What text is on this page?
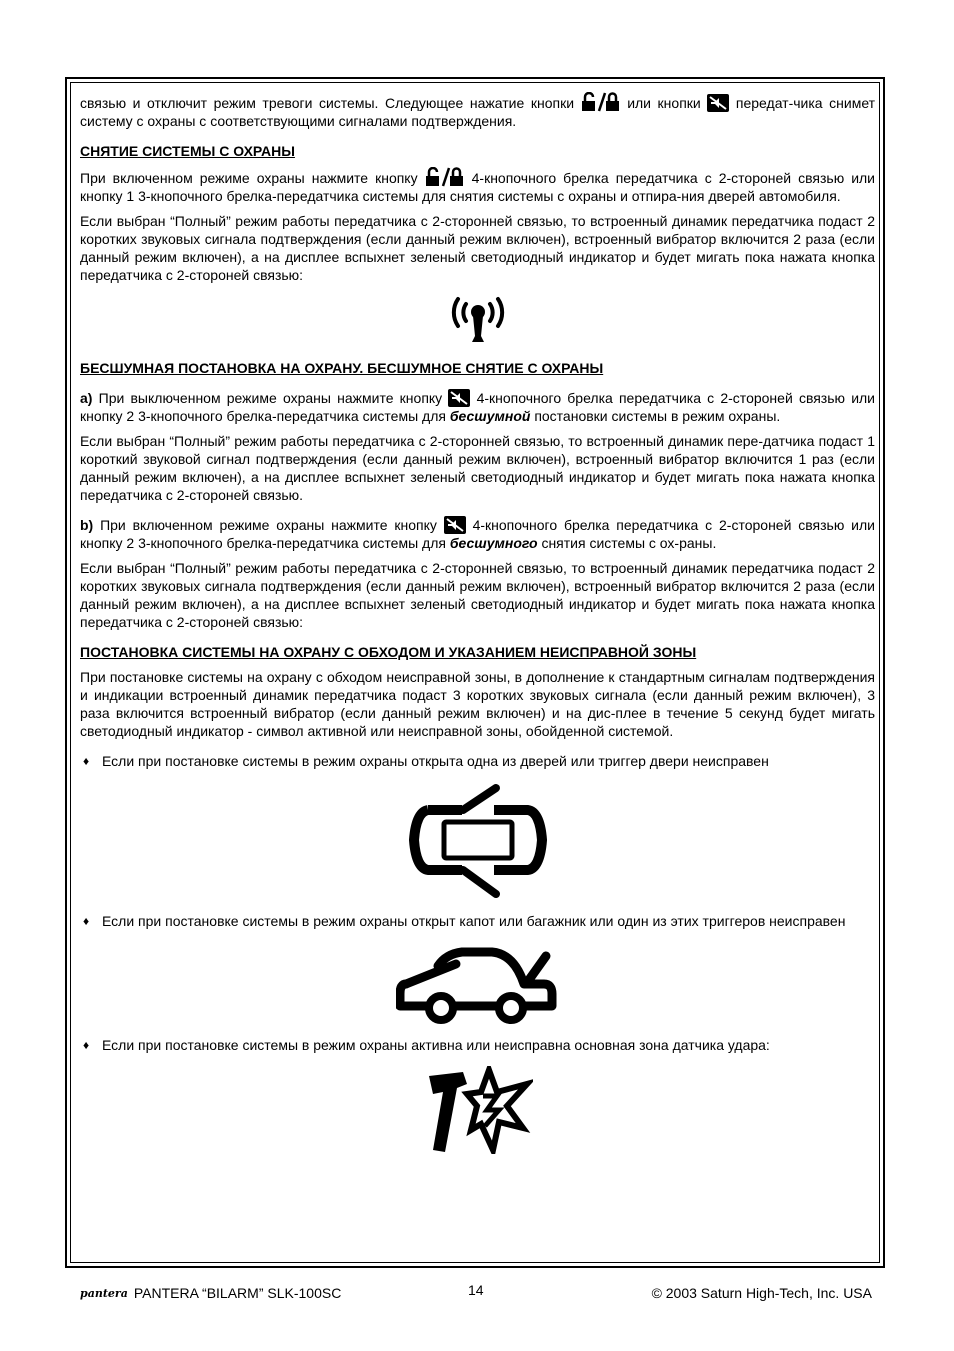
связью и отключит режим тревоги системы. Следующее нажатие кнопки	или кнопки	передат-чика снимет систему с охраны с соответствующими сигналами подтверждения.

СНЯТИЕ СИСТЕМЫ С ОХРАНЫ

При включенном режиме охраны нажмите кнопку	4-кнопочного брелка передатчика с 2-стороней связью или кнопку 1 3-кнопочного брелка-передатчика системы для снятия системы с охраны и отпира-ния дверей автомобиля.

Если выбран “Полный” режим работы передатчика с 2-сторонней связью, то встроенный динамик передатчика подаст 2 коротких звуковых сигнала подтверждения (если данный режим включен), встроенный вибратор включится 2 раза (если данный режим включен), а на дисплее вспыхнет зеленый светодиодный индикатор и будет мигать пока нажата кнопка передатчика с 2-стороней связью:

БЕСШУМНАЯ ПОСТАНОВКА НА ОХРАНУ. БЕСШУМНОЕ СНЯТИЕ С ОХРАНЫ

a) При выключенном режиме охраны нажмите кнопку 4-кнопочного брелка передатчика с 2-стороней связью или кнопку 2 3-кнопочного брелка-передатчика системы для бесшумной постановки системы в режим охраны.

Если выбран “Полный” режим работы передатчика с 2-сторонней связью, то встроенный динамик пере-датчика подаст 1 короткий звуковой сигнал подтверждения (если данный режим включен), встроенный вибратор включится 1 раз (если данный режим включен), а на дисплее вспыхнет зеленый светодиодный индикатор и будет мигать пока нажата кнопка передатчика с 2-стороней связью.

b) При включенном режиме охраны нажмите кнопку	4-кнопочного брелка передатчика с 2-стороней связью или кнопку 2 3-кнопочного брелка-передатчика системы для бесшумного снятия системы с ох-раны.

Если выбран “Полный” режим работы передатчика с 2-сторонней связью, то встроенный динамик передатчика подаст 2 коротких звуковых сигнала подтверждения (если данный режим включен), встроенный вибратор включится 2 раза (если данный режим включен), а на дисплее вспыхнет зеленый светодиодный индикатор и будет мигать пока нажата кнопка передатчика с 2-стороней связью:

ПОСТАНОВКА СИСТЕМЫ НА ОХРАНУ С ОБХОДОМ И УКАЗАНИЕМ НЕИСПРАВНОЙ ЗОНЫ

При постановке системы на охрану с обходом неисправной зоны, в дополнение к стандартным сигналам подтверждения и индикации встроенный динамик передатчика подаст 3 коротких звуковых сигнала (если данный режим включен), 3 раза включится встроенный вибратор (если данный режим включен) и на дис-плее в течение 5 секунд будет мигать светодиодный индикатор - символ активной или неисправной зоны, обойденной системой.

♦ Если при постановке системы в режим охраны открыта одна из дверей или триггер двери неисправен

♦ Если при постановке системы в режим охраны открыт капот или багажник или один из этих триггеров неисправен

♦ Если при постановке системы в режим охраны активна или неисправна основная зона датчика удара:

pantera PANTERA “BILARM” SLK-100SC	14	© 2003 Saturn High-Tech, Inc. USA
